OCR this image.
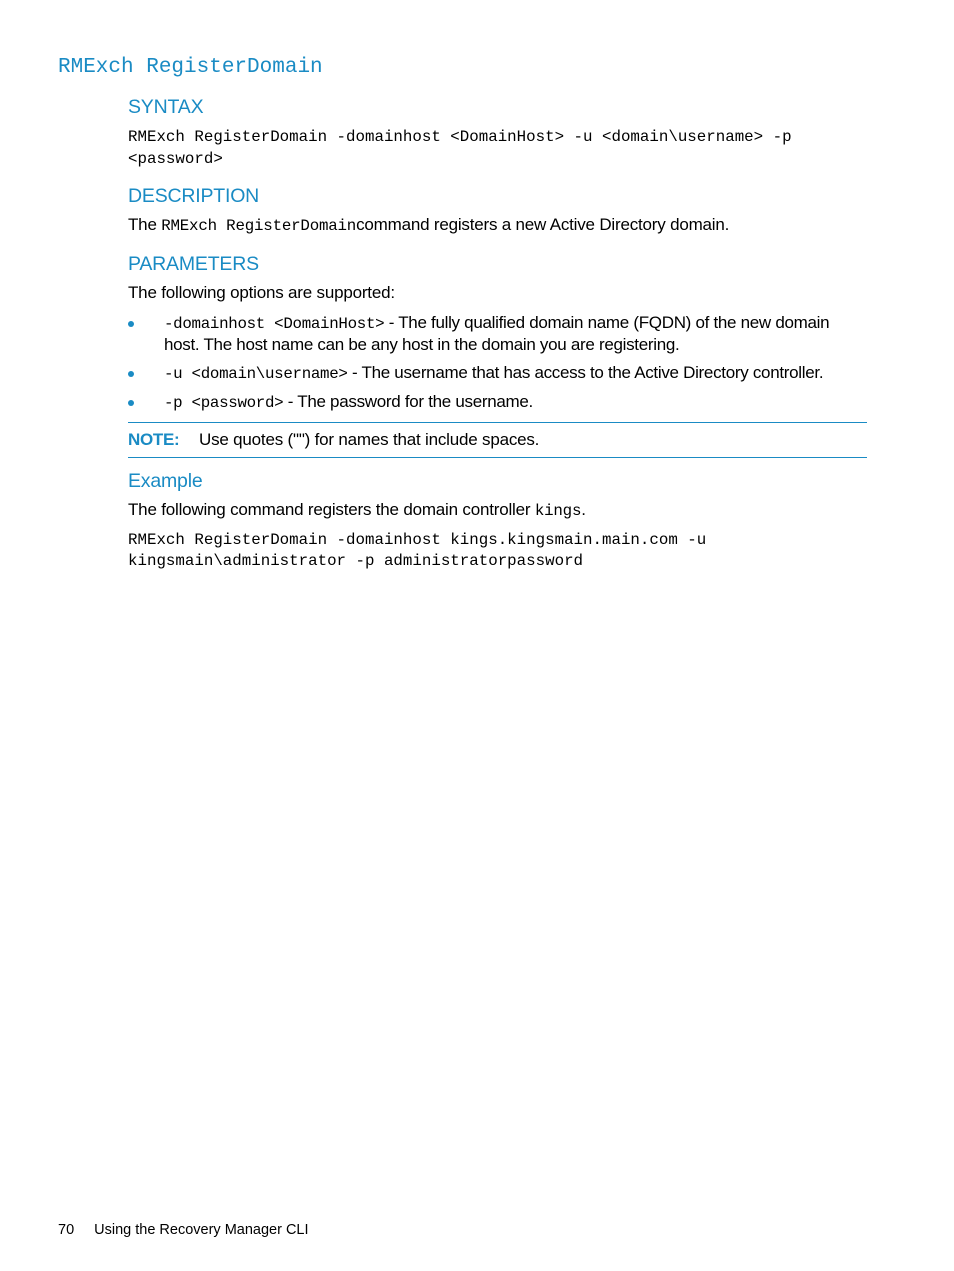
RMExch RegisterDomain
SYNTAX
RMExch RegisterDomain -domainhost <DomainHost> -u <domain\username> -p
<password>
DESCRIPTION
The RMExch RegisterDomaincommand registers a new Active Directory domain.
PARAMETERS
The following options are supported:
-domainhost <DomainHost> - The fully qualified domain name (FQDN) of the new domain
host. The host name can be any host in the domain you are registering.
-u <domain\username> - The username that has access to the Active Directory controller.
-p <password> - The password for the username.
NOTE: Use quotes ("") for names that include spaces.
Example
The following command registers the domain controller kings.
RMExch RegisterDomain -domainhost kings.kingsmain.main.com -u
kingsmain\administrator -p administratorpassword
70 Using the Recovery Manager CLI
